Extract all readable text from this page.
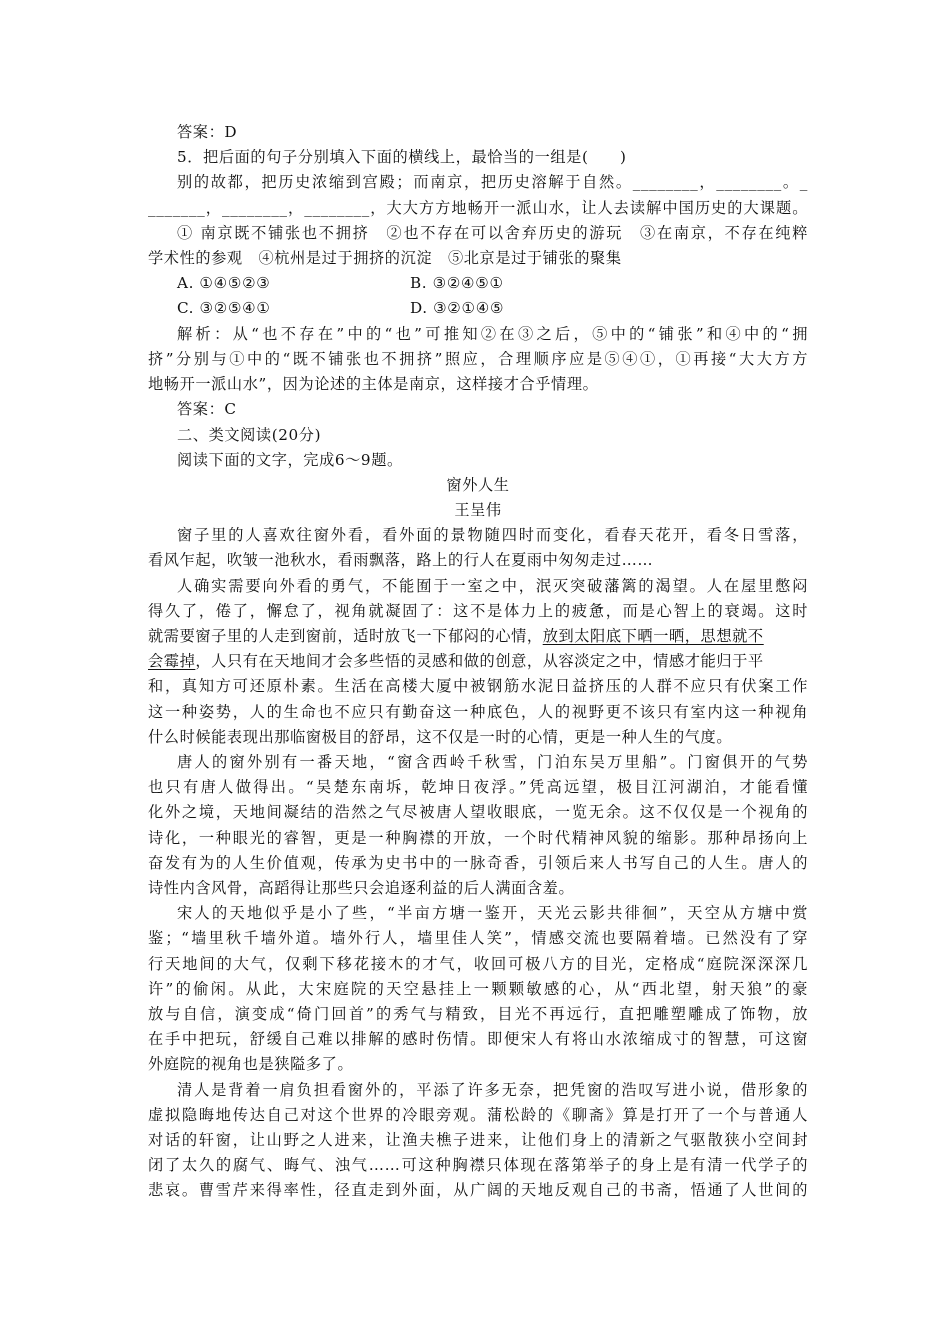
答案：D
5．把后面的句子分别填入下面的横线上，最恰当的一组是(　　)
别的故都，把历史浓缩到宫殿；而南京，把历史溶解于自然。________，________。_
_______，________，________，大大方方地畅开一派山水，让人去读解中国历史的大课题。
① 南京既不铺张也不拥挤　②也不存在可以舍弃历史的游玩　③在南京，不存在纯粹
学术性的参观　④杭州是过于拥挤的沉淀　⑤北京是过于铺张的聚集
A. ①④⑤②③	B. ③②④⑤①
C. ③②⑤④①	D. ③②①④⑤
解析：从“也不存在”中的“也”可推知②在③之后，⑤中的“铺张”和④中的“拥
挤”分别与①中的“既不铺张也不拥挤”照应，合理顺序应是⑤④①，①再接“大大方方
地畅开一派山水”，因为论述的主体是南京，这样接才合乎情理。
答案：C
二、类文阅读(20分)
阅读下面的文字，完成6～9题。
窗外人生
王呈伟
窗子里的人喜欢往窗外看，看外面的景物随四时而变化，看春天花开，看冬日雪落，
看风乍起，吹皱一池秋水，看雨飘落，路上的行人在夏雨中匆匆走过……
人确实需要向外看的勇气，不能囿于一室之中，泯灭突破藩篱的渴望。人在屋里憋闷
得久了，倦了，懈怠了，视角就凝固了：这不是体力上的疲惫，而是心智上的衰竭。这时
就需要窗子里的人走到窗前，适时放飞一下郁闷的心情，放到太阳底下晒一晒，思想就不
会霉掉，人只有在天地间才会多些悟的灵感和做的创意，从容淡定之中，情感才能归于平
和，真知方可还原朴素。生活在高楼大厦中被钢筋水泥日益挤压的人群不应只有伏案工作
这一种姿势，人的生命也不应只有勤奋这一种底色，人的视野更不该只有室内这一种视角
什么时候能表现出那临窗极目的舒昂，这不仅是一时的心情，更是一种人生的气度。
唐人的窗外别有一番天地，“窗含西岭千秋雪，门泊东吴万里船”。门窗俱开的气势
也只有唐人做得出。“吴楚东南坼，乾坤日夜浮。”凭高远望，极目江河湖泊，才能看懂
化外之境，天地间凝结的浩然之气尽被唐人望收眼底，一览无余。这不仅仅是一个视角的
诗化，一种眼光的睿智，更是一种胸襟的开放，一个时代精神风貌的缩影。那种昂扬向上
奋发有为的人生价值观，传承为史书中的一脉奇香，引领后来人书写自己的人生。唐人的
诗性内含风骨，高蹈得让那些只会追逐利益的后人满面含羞。
宋人的天地似乎是小了些，“半亩方塘一鉴开，天光云影共徘徊”，天空从方塘中赏
鉴；“墙里秋千墙外道。墙外行人，墙里佳人笑”，情感交流也要隔着墙。已然没有了穿
行天地间的大气，仅剩下移花接木的才气，收回可极八方的目光，定格成“庭院深深深几
许”的偷闲。从此，大宋庭院的天空悬挂上一颗颗敏感的心，从“西北望，射天狼”的豪
放与自信，演变成“倚门回首”的秀气与精致，目光不再远行，直把雕塑雕成了饰物，放
在手中把玩，舒缓自己难以排解的感时伤情。即便宋人有将山水浓缩成寸的智慧，可这窗
外庭院的视角也是狭隘多了。
清人是背着一肩负担看窗外的，平添了许多无奈，把凭窗的浩叹写进小说，借形象的
虚拟隐晦地传达自己对这个世界的冷眼旁观。蒲松龄的《聊斋》算是打开了一个与普通人
对话的轩窗，让山野之人进来，让渔夫樵子进来，让他们身上的清新之气驱散狭小空间封
闭了太久的腐气、晦气、浊气……可这种胸襟只体现在落第举子的身上是有清一代学子的
悲哀。曹雪芹来得率性，径直走到外面，从广阔的天地反观自己的书斋，悟通了人世间的
